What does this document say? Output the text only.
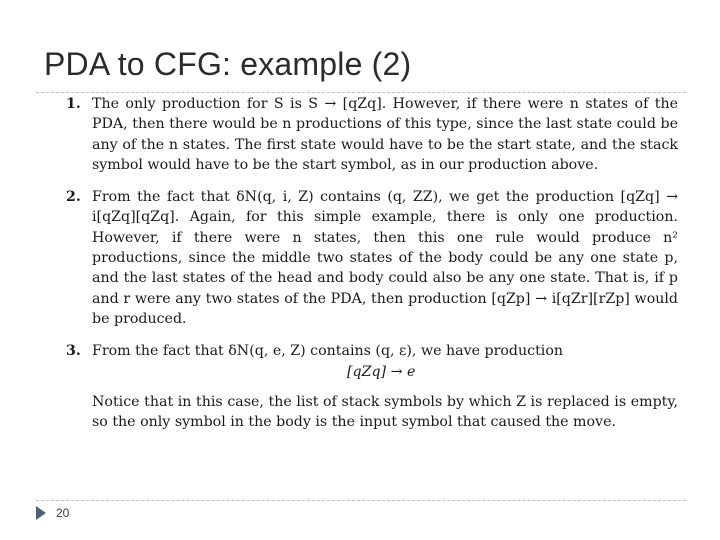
PDA to CFG: example (2)
1. The only production for S is S → [qZq]. However, if there were n states of the PDA, then there would be n productions of this type, since the last state could be any of the n states. The first state would have to be the start state, and the stack symbol would have to be the start symbol, as in our production above.

2. From the fact that δN(q, i, Z) contains (q, ZZ), we get the production [qZq] → i[qZq][qZq]. Again, for this simple example, there is only one production. However, if there were n states, then this one rule would produce n² productions, since the middle two states of the body could be any one state p, and the last states of the head and body could also be any one state. That is, if p and r were any two states of the PDA, then production [qZp] → i[qZr][rZp] would be produced.

3. From the fact that δN(q, e, Z) contains (q, ε), we have production

[qZq] → e

Notice that in this case, the list of stack symbols by which Z is replaced is empty, so the only symbol in the body is the input symbol that caused the move.

20
